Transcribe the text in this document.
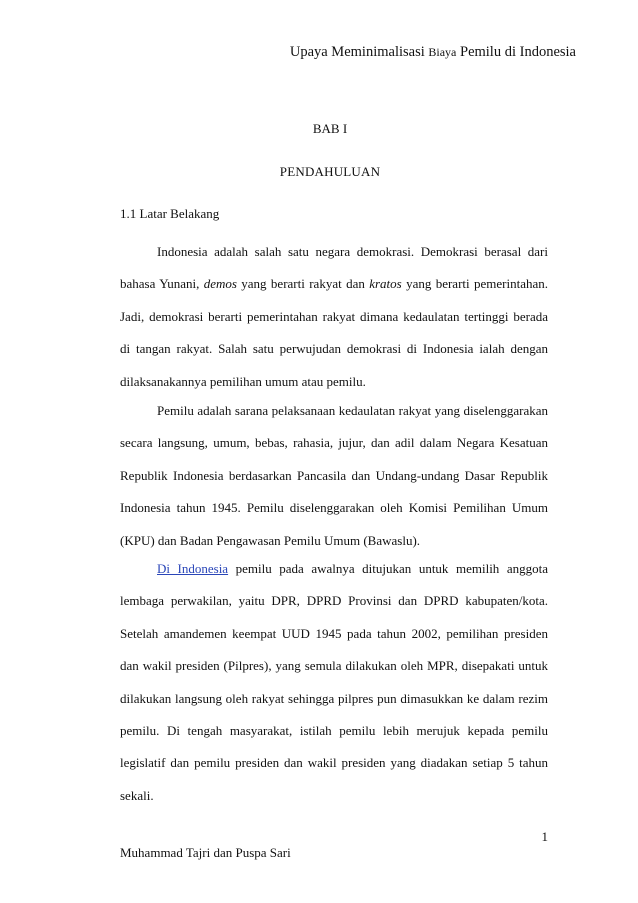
Upaya Meminimalisasi Biaya Pemilu di Indonesia
BAB I
PENDAHULUAN
1.1 Latar Belakang

Indonesia adalah salah satu negara demokrasi. Demokrasi berasal dari bahasa Yunani, demos yang berarti rakyat dan kratos yang berarti pemerintahan. Jadi, demokrasi berarti pemerintahan rakyat dimana kedaulatan tertinggi berada di tangan rakyat. Salah satu perwujudan demokrasi di Indonesia ialah dengan dilaksanakannya pemilihan umum atau pemilu.

Pemilu adalah sarana pelaksanaan kedaulatan rakyat yang diselenggarakan secara langsung, umum, bebas, rahasia, jujur, dan adil dalam Negara Kesatuan Republik Indonesia berdasarkan Pancasila dan Undang-undang Dasar Republik Indonesia tahun 1945. Pemilu diselenggarakan oleh Komisi Pemilihan Umum (KPU) dan Badan Pengawasan Pemilu Umum (Bawaslu).

Di Indonesia pemilu pada awalnya ditujukan untuk memilih anggota lembaga perwakilan, yaitu DPR, DPRD Provinsi dan DPRD kabupaten/kota. Setelah amandemen keempat UUD 1945 pada tahun 2002, pemilihan presiden dan wakil presiden (Pilpres), yang semula dilakukan oleh MPR, disepakati untuk dilakukan langsung oleh rakyat sehingga pilpres pun dimasukkan ke dalam rezim pemilu. Di tengah masyarakat, istilah pemilu lebih merujuk kepada pemilu legislatif dan pemilu presiden dan wakil presiden yang diadakan setiap 5 tahun sekali.

1
Muhammad Tajri dan Puspa Sari
